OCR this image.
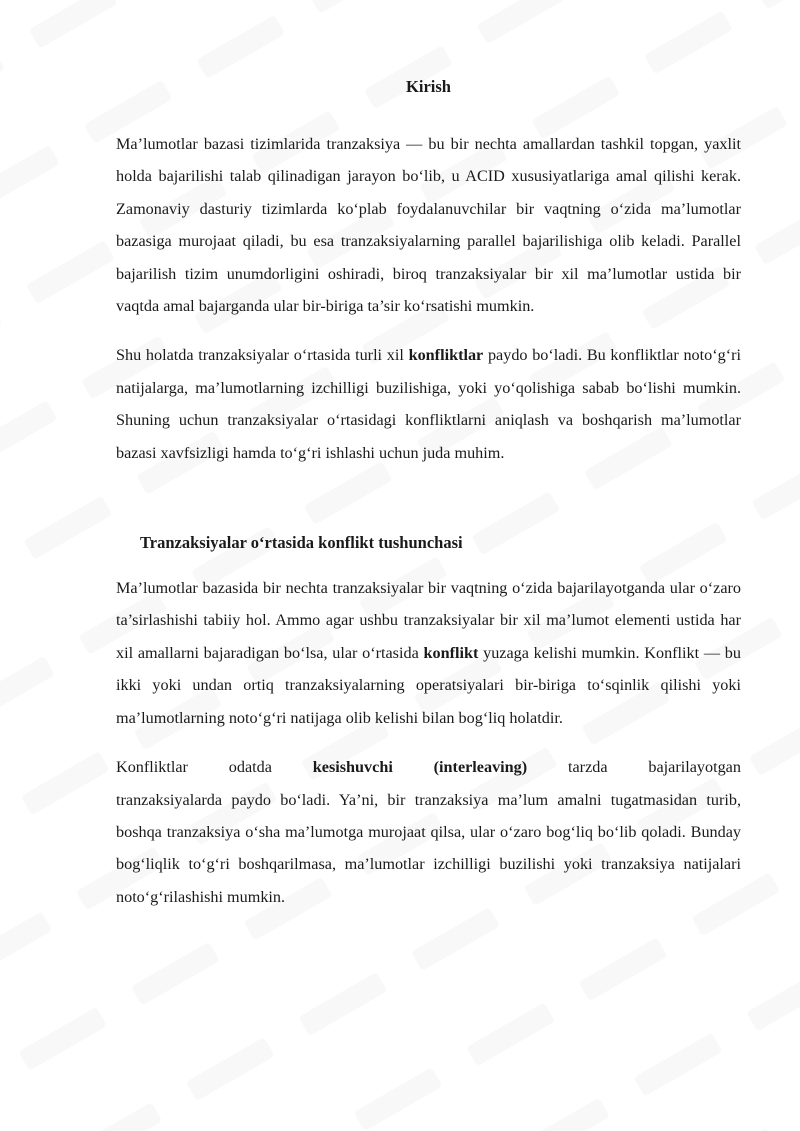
Kirish

Ma’lumotlar bazasi tizimlarida tranzaksiya — bu bir nechta amallardan tashkil topgan, yaxlit holda bajarilishi talab qilinadigan jarayon bo‘lib, u ACID xususiyatlariga amal qilishi kerak. Zamonaviy dasturiy tizimlarda ko‘plab foydalanuvchilar bir vaqtning o‘zida ma’lumotlar bazasiga murojaat qiladi, bu esa tranzaksiyalarning parallel bajarilishiga olib keladi. Parallel bajarilish tizim unumdorligini oshiradi, biroq tranzaksiyalar bir xil ma’lumotlar ustida bir vaqtda amal bajarganda ular bir-biriga ta’sir ko‘rsatishi mumkin.

Shu holatda tranzaksiyalar o‘rtasida turli xil konfliktlar paydo bo‘ladi. Bu konfliktlar noto‘g‘ri natijalarga, ma’lumotlarning izchilligi buzilishiga, yoki yo‘qolishiga sabab bo‘lishi mumkin. Shuning uchun tranzaksiyalar o‘rtasidagi konfliktlarni aniqlash va boshqarish ma’lumotlar bazasi xavfsizligi hamda to‘g‘ri ishlashi uchun juda muhim.

Tranzaksiyalar o‘rtasida konflikt tushunchasi

Ma’lumotlar bazasida bir nechta tranzaksiyalar bir vaqtning o‘zida bajarilayotganda ular o‘zaro ta’sirlashishi tabiiy hol. Ammo agar ushbu tranzaksiyalar bir xil ma’lumot elementi ustida har xil amallarni bajaradigan bo‘lsa, ular o‘rtasida konflikt yuzaga kelishi mumkin. Konflikt — bu ikki yoki undan ortiq tranzaksiyalarning operatsiyalari bir-biriga to‘sqinlik qilishi yoki ma’lumotlarning noto‘g‘ri natijaga olib kelishi bilan bog‘liq holatdir.

Konfliktlar	odatda	kesishuvchi	(interleaving)	tarzda	bajarilayotgan

tranzaksiyalarda paydo bo‘ladi. Ya’ni, bir tranzaksiya ma’lum amalni tugatmasidan turib, boshqa tranzaksiya o‘sha ma’lumotga murojaat qilsa, ular o‘zaro bog‘liq bo‘lib qoladi. Bunday bog‘liqlik to‘g‘ri boshqarilmasa, ma’lumotlar izchilligi buzilishi yoki tranzaksiya natijalari noto‘g‘rilashishi mumkin.
